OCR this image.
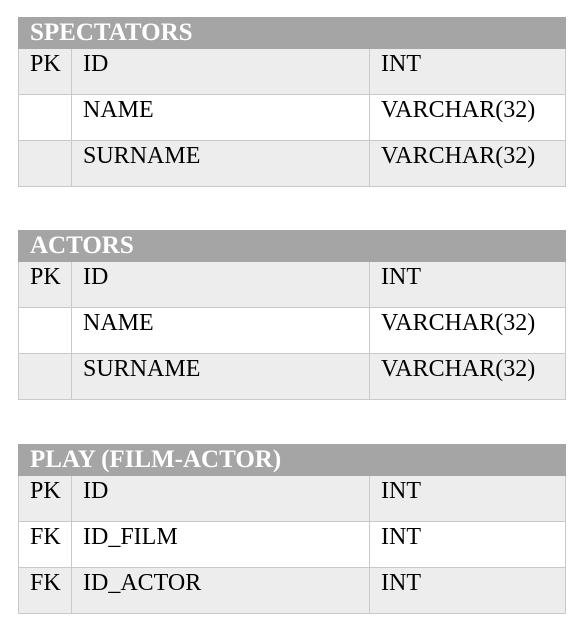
SPECTATORS		
PK	ID	INT
	NAME	VARCHAR(32)
	SURNAME	VARCHAR(32)
ACTORS		
PK	ID	INT
	NAME	VARCHAR(32)
	SURNAME	VARCHAR(32)
PLAY (FILM-ACTOR)		
PK	ID	INT
FK	ID_FILM	INT
FK	ID_ACTOR	INT
